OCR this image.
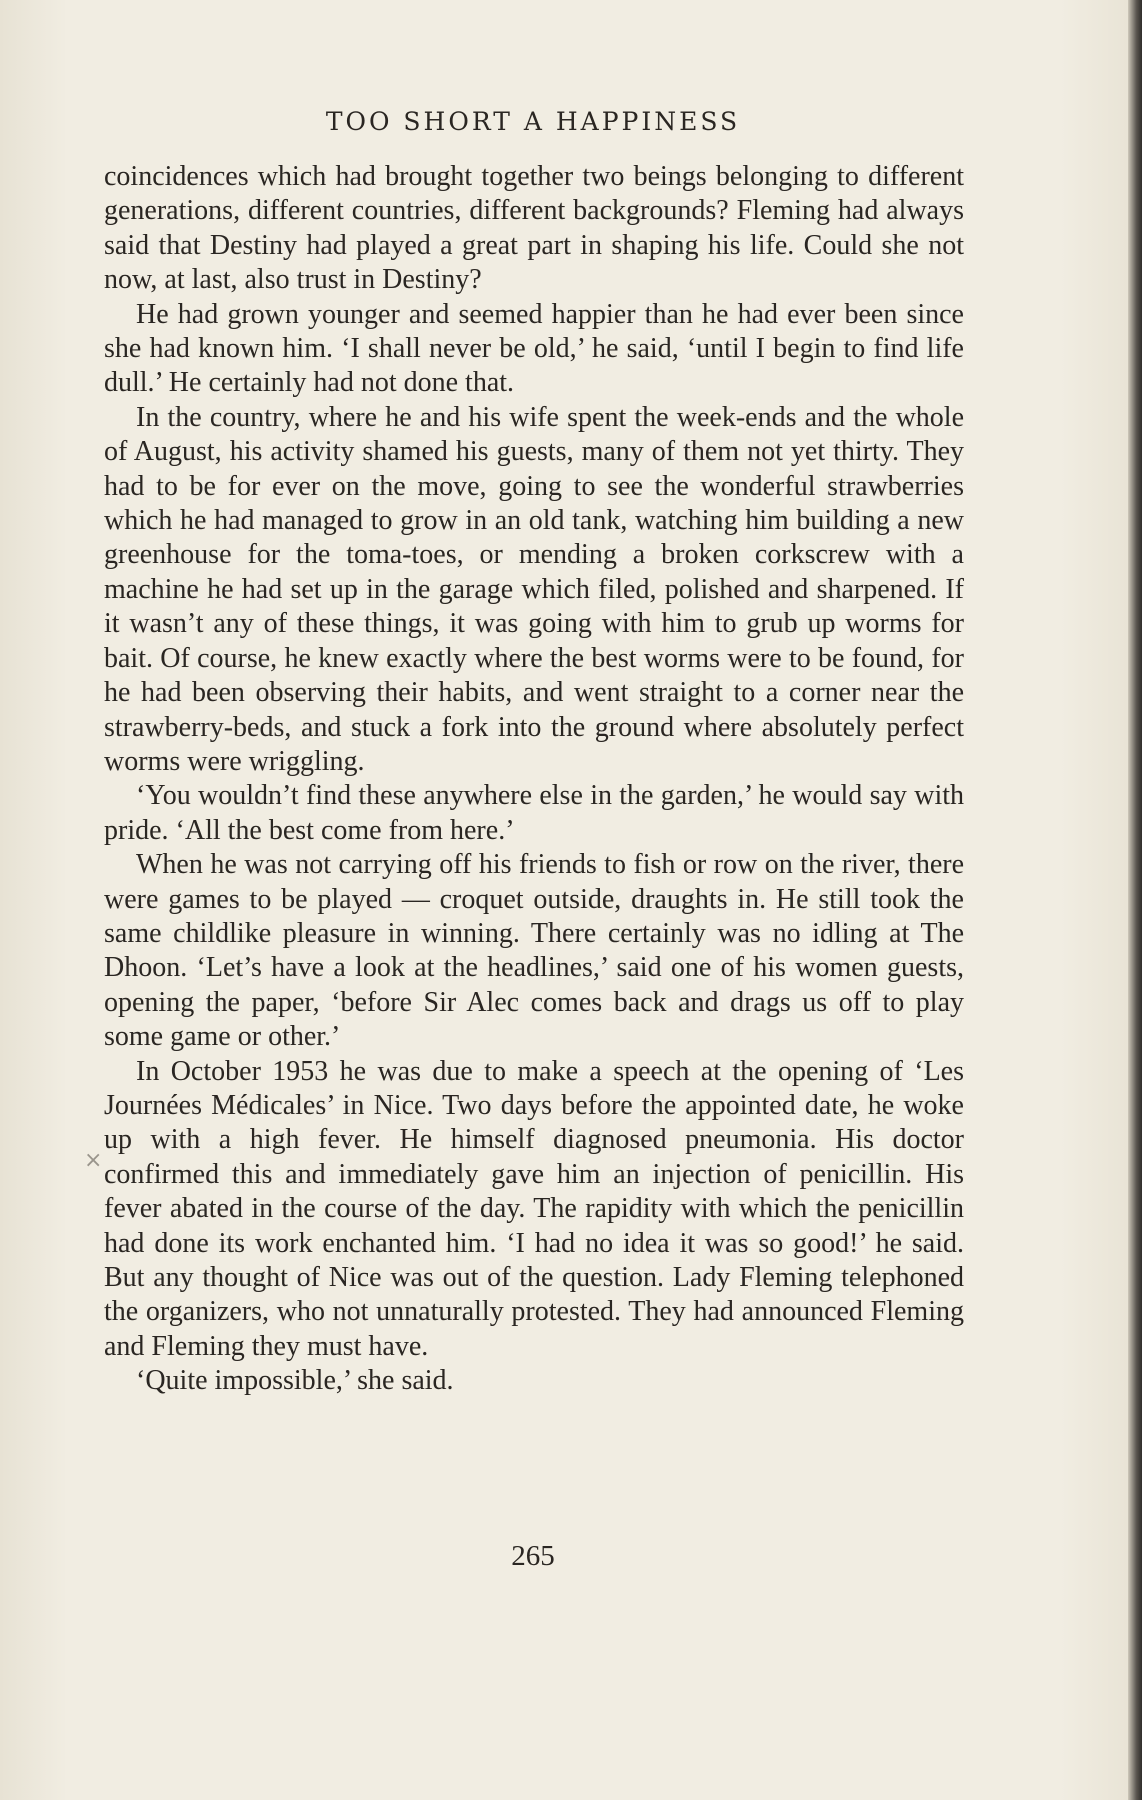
TOO SHORT A HAPPINESS

coincidences which had brought together two beings belonging to different generations, different countries, different backgrounds? Fleming had always said that Destiny had played a great part in shaping his life. Could she not now, at last, also trust in Destiny?

He had grown younger and seemed happier than he had ever been since she had known him. ‘I shall never be old,’ he said, ‘until I begin to find life dull.’ He certainly had not done that.

In the country, where he and his wife spent the week-ends and the whole of August, his activity shamed his guests, many of them not yet thirty. They had to be for ever on the move, going to see the wonderful strawberries which he had managed to grow in an old tank, watching him building a new greenhouse for the toma-toes, or mending a broken corkscrew with a machine he had set up in the garage which filed, polished and sharpened. If it wasn’t any of these things, it was going with him to grub up worms for bait. Of course, he knew exactly where the best worms were to be found, for he had been observing their habits, and went straight to a corner near the strawberry-beds, and stuck a fork into the ground where absolutely perfect worms were wriggling.

‘You wouldn’t find these anywhere else in the garden,’ he would say with pride. ‘All the best come from here.’

When he was not carrying off his friends to fish or row on the river, there were games to be played — croquet outside, draughts in. He still took the same childlike pleasure in winning. There certainly was no idling at The Dhoon. ‘Let’s have a look at the headlines,’ said one of his women guests, opening the paper, ‘before Sir Alec comes back and drags us off to play some game or other.’

In October 1953 he was due to make a speech at the opening of ‘Les Journées Médicales’ in Nice. Two days before the appointed date, he woke up with a high fever. He himself diagnosed pneumonia. His doctor confirmed this and immediately gave him an injection of penicillin. His fever abated in the course of the day. The rapidity with which the penicillin had done its work enchanted him. ‘I had no idea it was so good!’ he said. But any thought of Nice was out of the question. Lady Fleming telephoned the organizers, who not unnaturally protested. They had announced Fleming and Fleming they must have.

‘Quite impossible,’ she said.

×
265
